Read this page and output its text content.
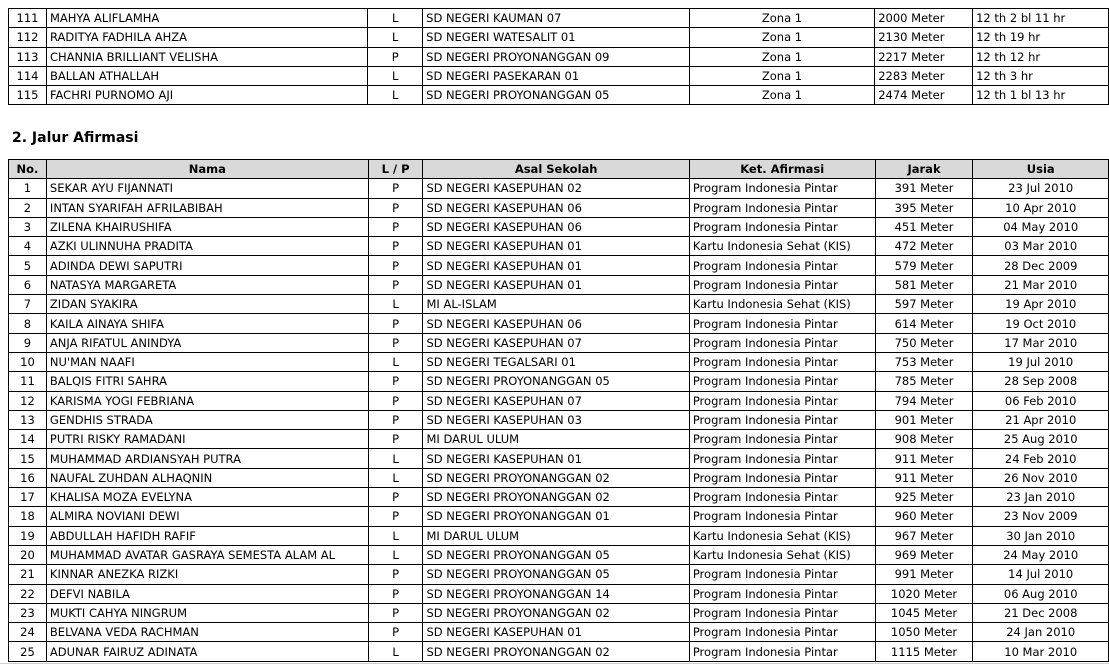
111	MAHYA ALIFLAMHA	L	SD NEGERI KAUMAN 07	Zona 1	2000 Meter	12 th 2 bl 11 hr
112	RADITYA FADHILA AHZA	L	SD NEGERI WATESALIT 01	Zona 1	2130 Meter	12 th 19 hr
113	CHANNIA BRILLIANT VELISHA	P	SD NEGERI PROYONANGGAN 09	Zona 1	2217 Meter	12 th 12 hr
114	BALLAN ATHALLAH	L	SD NEGERI PASEKARAN 01	Zona 1	2283 Meter	12 th 3 hr
115	FACHRI PURNOMO AJI	L	SD NEGERI PROYONANGGAN 05	Zona 1	2474 Meter	12 th 1 bl 13 hr
2. Jalur Afirmasi
No.	Nama	L / P	Asal Sekolah	Ket. Afirmasi	Jarak	Usia
1	SEKAR AYU FIJANNATI	P	SD NEGERI KASEPUHAN 02	Program Indonesia Pintar	391 Meter	23 Jul 2010
2	INTAN SYARIFAH AFRILABIBAH	P	SD NEGERI KASEPUHAN 06	Program Indonesia Pintar	395 Meter	10 Apr 2010
3	ZILENA KHAIRUSHIFA	P	SD NEGERI KASEPUHAN 06	Program Indonesia Pintar	451 Meter	04 May 2010
4	AZKI ULINNUHA PRADITA	P	SD NEGERI KASEPUHAN 01	Kartu Indonesia Sehat (KIS)	472 Meter	03 Mar 2010
5	ADINDA DEWI SAPUTRI	P	SD NEGERI KASEPUHAN 01	Program Indonesia Pintar	579 Meter	28 Dec 2009
6	NATASYA MARGARETA	P	SD NEGERI KASEPUHAN 01	Program Indonesia Pintar	581 Meter	21 Mar 2010
7	ZIDAN SYAKIRA	L	MI AL-ISLAM	Kartu Indonesia Sehat (KIS)	597 Meter	19 Apr 2010
8	KAILA AINAYA SHIFA	P	SD NEGERI KASEPUHAN 06	Program Indonesia Pintar	614 Meter	19 Oct 2010
9	ANJA RIFATUL ANINDYA	P	SD NEGERI KASEPUHAN 07	Program Indonesia Pintar	750 Meter	17 Mar 2010
10	NU'MAN NAAFI	L	SD NEGERI TEGALSARI 01	Program Indonesia Pintar	753 Meter	19 Jul 2010
11	BALQIS FITRI SAHRA	P	SD NEGERI PROYONANGGAN 05	Program Indonesia Pintar	785 Meter	28 Sep 2008
12	KARISMA YOGI FEBRIANA	P	SD NEGERI KASEPUHAN 07	Program Indonesia Pintar	794 Meter	06 Feb 2010
13	GENDHIS STRADA	P	SD NEGERI KASEPUHAN 03	Program Indonesia Pintar	901 Meter	21 Apr 2010
14	PUTRI RISKY RAMADANI	P	MI DARUL ULUM	Program Indonesia Pintar	908 Meter	25 Aug 2010
15	MUHAMMAD ARDIANSYAH PUTRA	L	SD NEGERI KASEPUHAN 01	Program Indonesia Pintar	911 Meter	24 Feb 2010
16	NAUFAL ZUHDAN ALHAQNIN	L	SD NEGERI PROYONANGGAN 02	Program Indonesia Pintar	911 Meter	26 Nov 2010
17	KHALISA MOZA EVELYNA	P	SD NEGERI PROYONANGGAN 02	Program Indonesia Pintar	925 Meter	23 Jan 2010
18	ALMIRA NOVIANI DEWI	P	SD NEGERI PROYONANGGAN 01	Program Indonesia Pintar	960 Meter	23 Nov 2009
19	ABDULLAH HAFIDH RAFIF	L	MI DARUL ULUM	Kartu Indonesia Sehat (KIS)	967 Meter	30 Jan 2010
20	MUHAMMAD AVATAR GASRAYA SEMESTA ALAM AL	L	SD NEGERI PROYONANGGAN 05	Kartu Indonesia Sehat (KIS)	969 Meter	24 May 2010
21	KINNAR ANEZKA RIZKI	P	SD NEGERI PROYONANGGAN 05	Program Indonesia Pintar	991 Meter	14 Jul 2010
22	DEFVI NABILA	P	SD NEGERI PROYONANGGAN 14	Program Indonesia Pintar	1020 Meter	06 Aug 2010
23	MUKTI CAHYA NINGRUM	P	SD NEGERI PROYONANGGAN 02	Program Indonesia Pintar	1045 Meter	21 Dec 2008
24	BELVANA VEDA RACHMAN	P	SD NEGERI KASEPUHAN 01	Program Indonesia Pintar	1050 Meter	24 Jan 2010
25	ADUNAR FAIRUZ ADINATA	L	SD NEGERI PROYONANGGAN 02	Program Indonesia Pintar	1115 Meter	10 Mar 2010
